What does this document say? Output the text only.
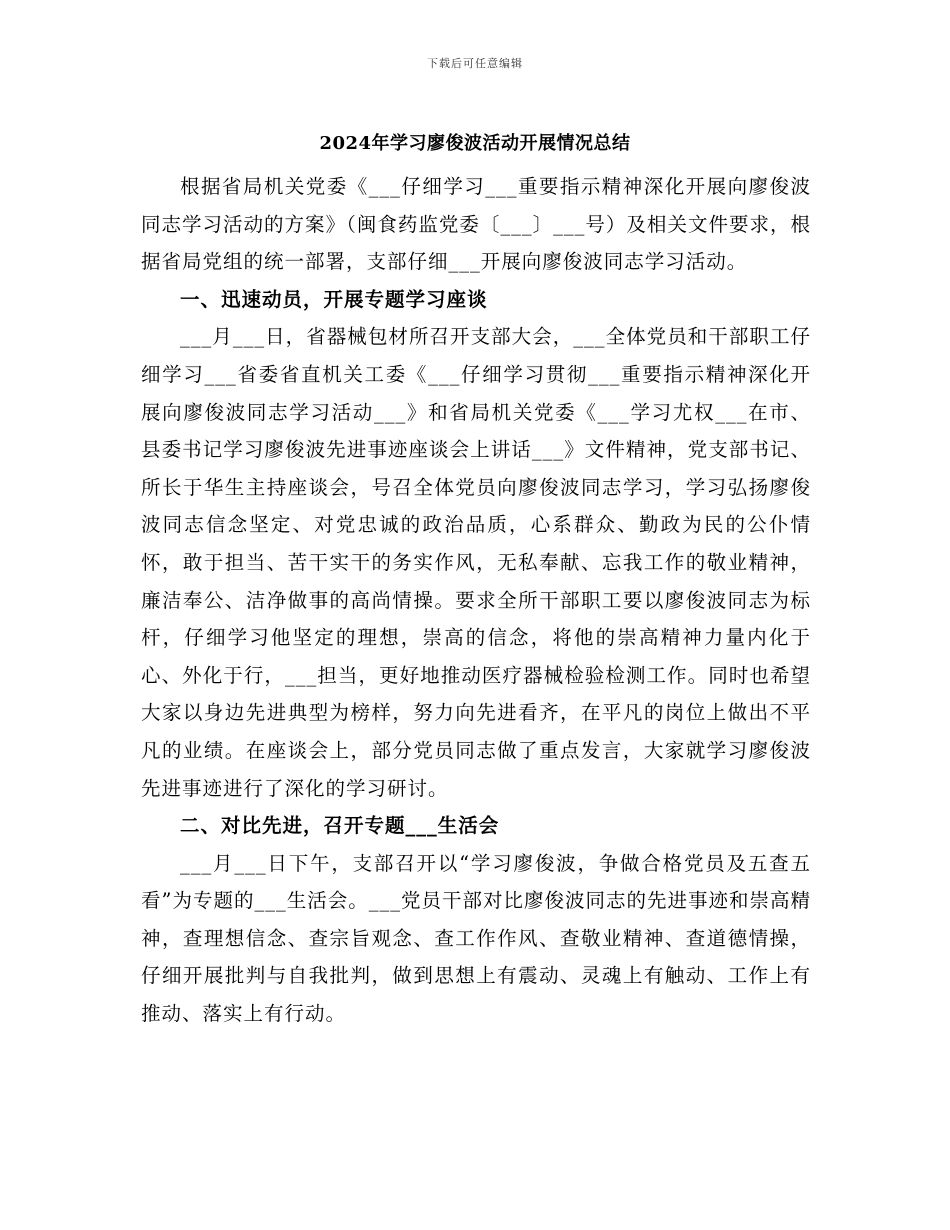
下载后可任意编辑
2024年学习廖俊波活动开展情况总结

根据省局机关党委《___仔细学习___重要指示精神深化开展向廖俊波同志学习活动的方案》（闽食药监党委〔___〕___号）及相关文件要求，根据省局党组的统一部署，支部仔细___开展向廖俊波同志学习活动。

一、迅速动员，开展专题学习座谈

___月___日，省器械包材所召开支部大会，___全体党员和干部职工仔细学习___省委省直机关工委《___仔细学习贯彻___重要指示精神深化开展向廖俊波同志学习活动___》和省局机关党委《___学习尤权___在市、县委书记学习廖俊波先进事迹座谈会上讲话___》文件精神，党支部书记、所长于华生主持座谈会，号召全体党员向廖俊波同志学习，学习弘扬廖俊波同志信念坚定、对党忠诚的政治品质，心系群众、勤政为民的公仆情怀，敢于担当、苦干实干的务实作风，无私奉献、忘我工作的敬业精神，廉洁奉公、洁净做事的高尚情操。要求全所干部职工要以廖俊波同志为标杆，仔细学习他坚定的理想，崇高的信念，将他的崇高精神力量内化于心、外化于行，___担当，更好地推动医疗器械检验检测工作。同时也希望大家以身边先进典型为榜样，努力向先进看齐，在平凡的岗位上做出不平凡的业绩。在座谈会上，部分党员同志做了重点发言，大家就学习廖俊波先进事迹进行了深化的学习研讨。

二、对比先进，召开专题___生活会

___月___日下午，支部召开以“学习廖俊波，争做合格党员及五查五看”为专题的___生活会。___党员干部对比廖俊波同志的先进事迹和崇高精神，查理想信念、查宗旨观念、查工作作风、查敬业精神、查道德情操，仔细开展批判与自我批判，做到思想上有震动、灵魂上有触动、工作上有推动、落实上有行动。
